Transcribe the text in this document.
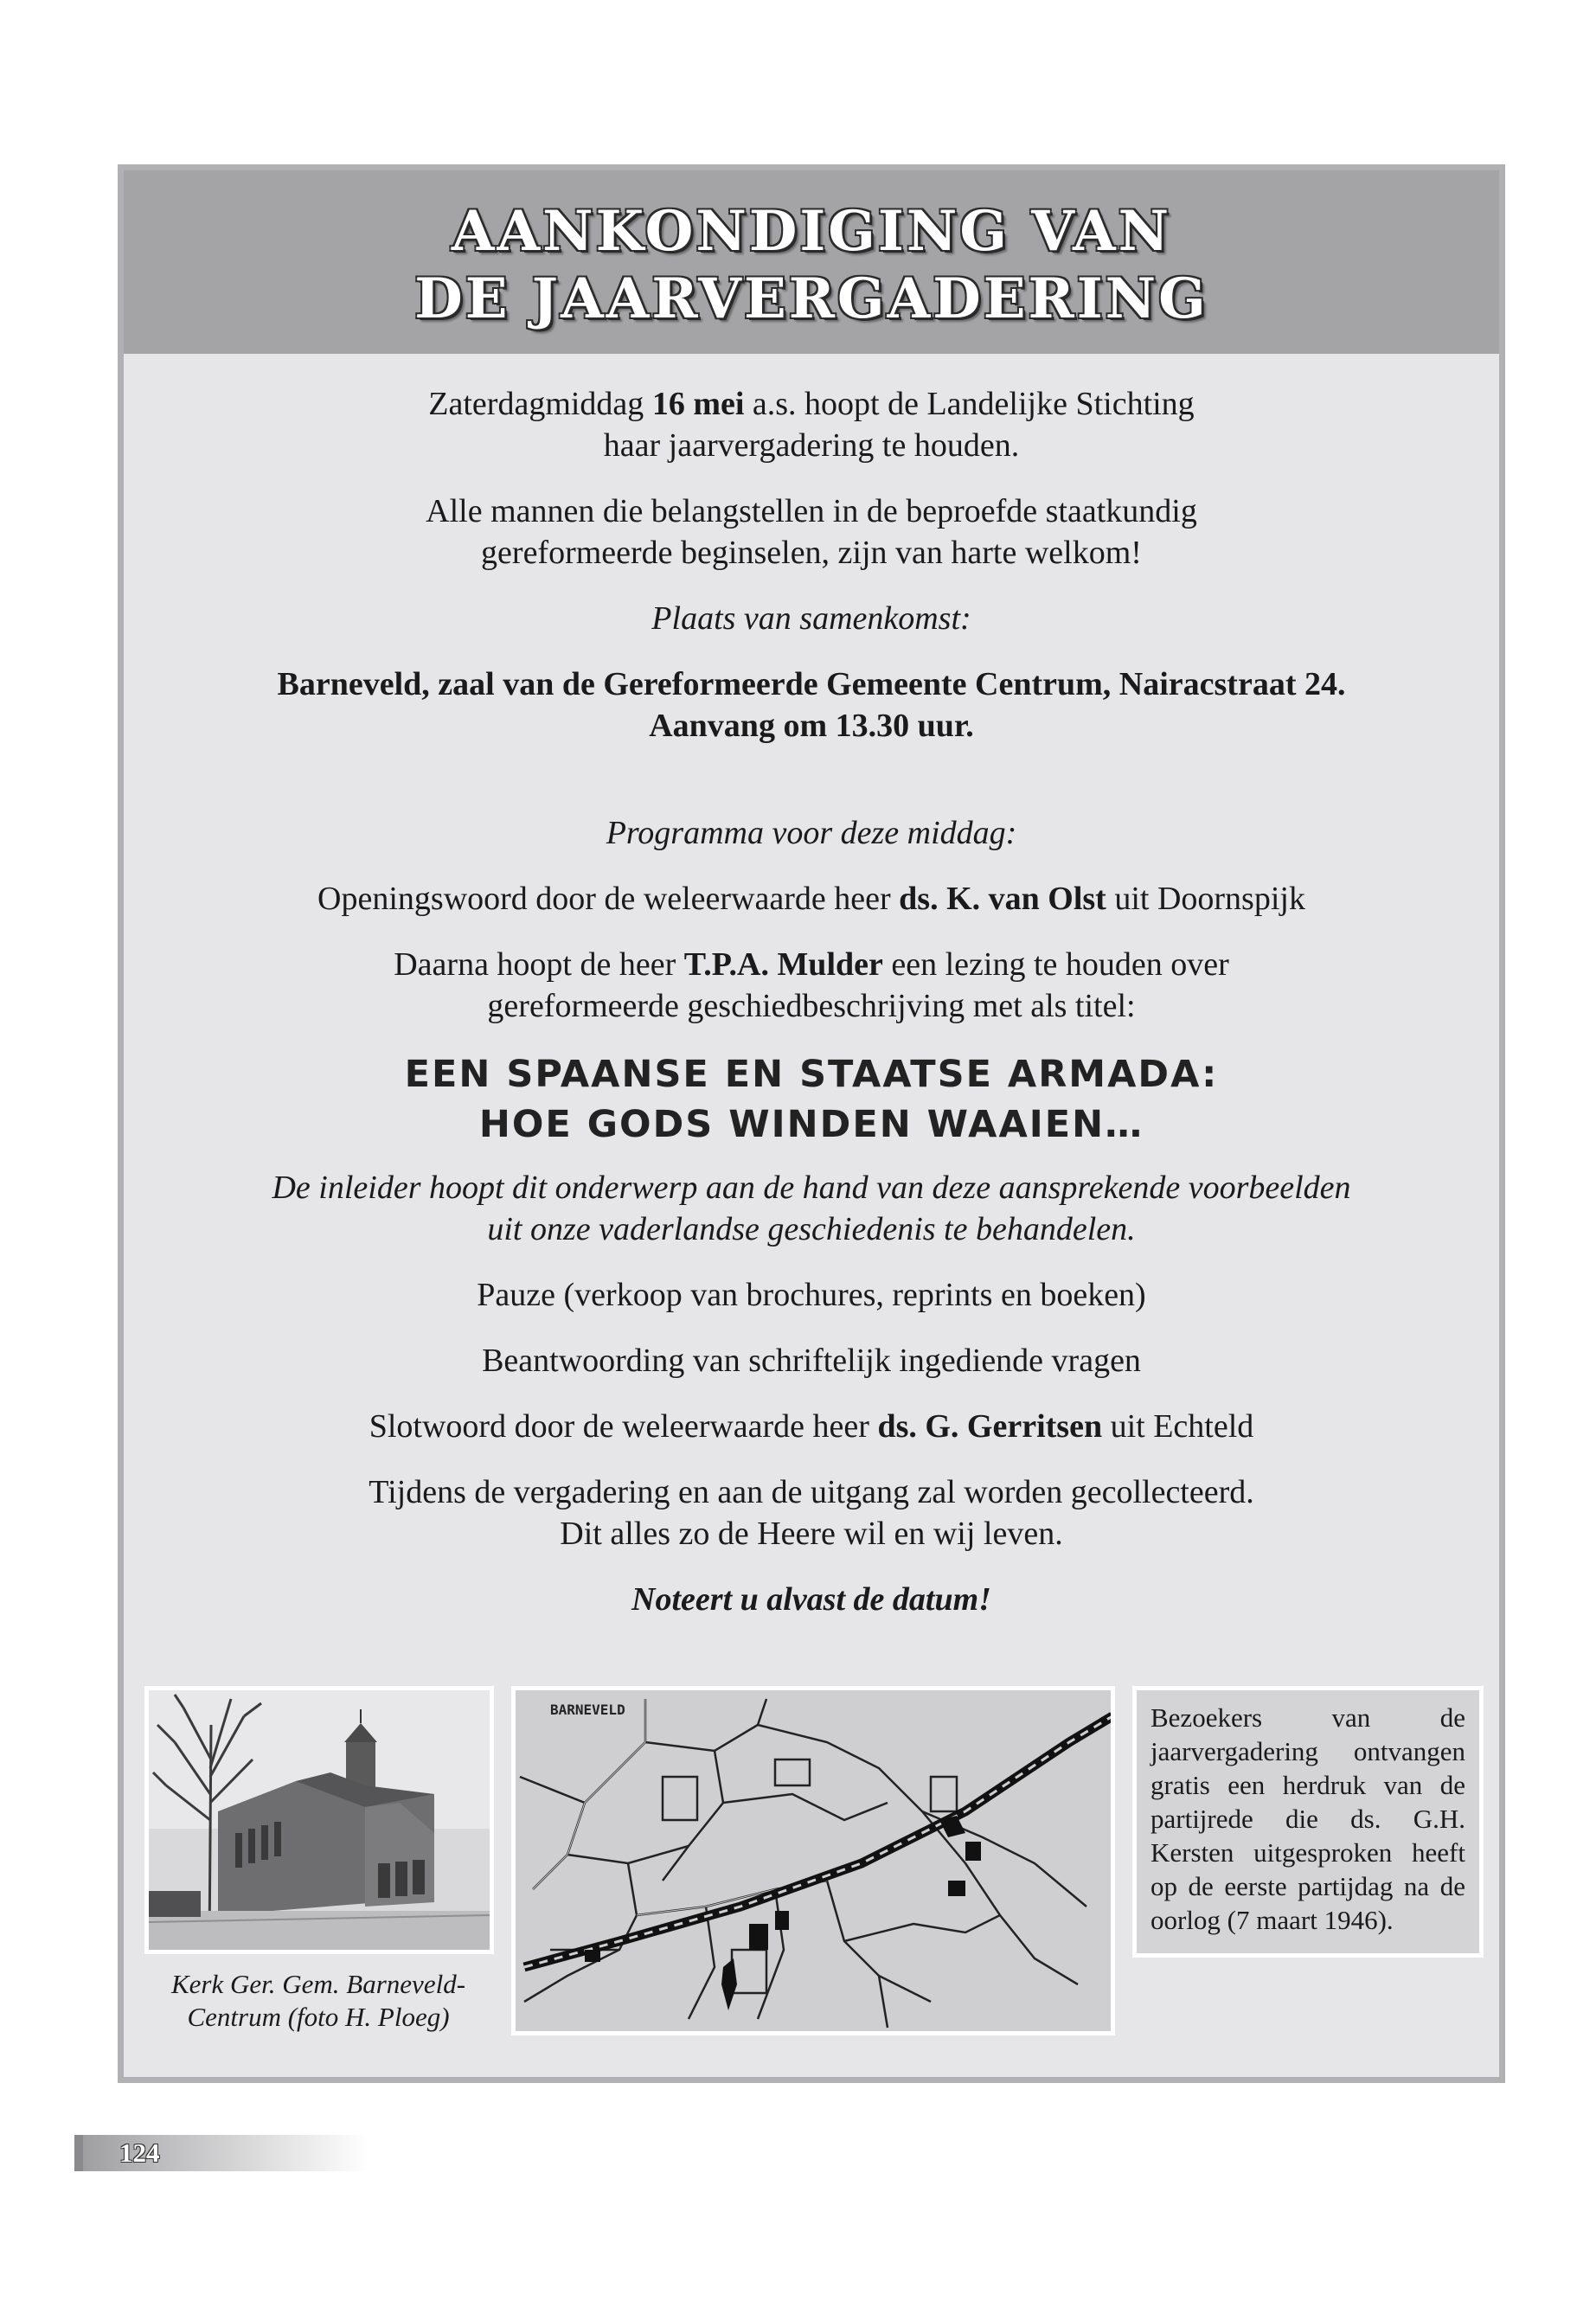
AANKONDIGING VAN
DE JAARVERGADERING

Zaterdagmiddag 16 mei a.s. hoopt de Landelijke Stichting

haar jaarvergadering te houden.

Alle mannen die belangstellen in de beproefde staatkundig

gereformeerde beginselen, zijn van harte welkom!

Plaats van samenkomst:

Barneveld, zaal van de Gereformeerde Gemeente Centrum, Nairacstraat 24.

Aanvang om 13.30 uur.

Programma voor deze middag:

Openingswoord door de weleerwaarde heer ds. K. van Olst uit Doornspijk

Daarna hoopt de heer T.P.A. Mulder een lezing te houden over

gereformeerde geschiedbeschrijving met als titel:

EEN SPAANSE EN STAATSE ARMADA:

HOE GODS WINDEN WAAIEN…

De inleider hoopt dit onderwerp aan de hand van deze aansprekende voorbeelden

uit onze vaderlandse geschiedenis te behandelen.

Pauze (verkoop van brochures, reprints en boeken)

Beantwoording van schriftelijk ingediende vragen

Slotwoord door de weleerwaarde heer ds. G. Gerritsen uit Echteld

Tijdens de vergadering en aan de uitgang zal worden gecollecteerd.

Dit alles zo de Heere wil en wij leven.

Noteert u alvast de datum!

Kerk Ger. Gem. Barneveld-
Centrum (foto H. Ploeg)
BARNEVELD	Bezoekers van de jaarvergadering ontvangen gratis een herdruk van de partijrede die ds. G.H. Kersten uitgesproken heeft op de eerste partijdag na de oorlog (7 maart 1946).
124
